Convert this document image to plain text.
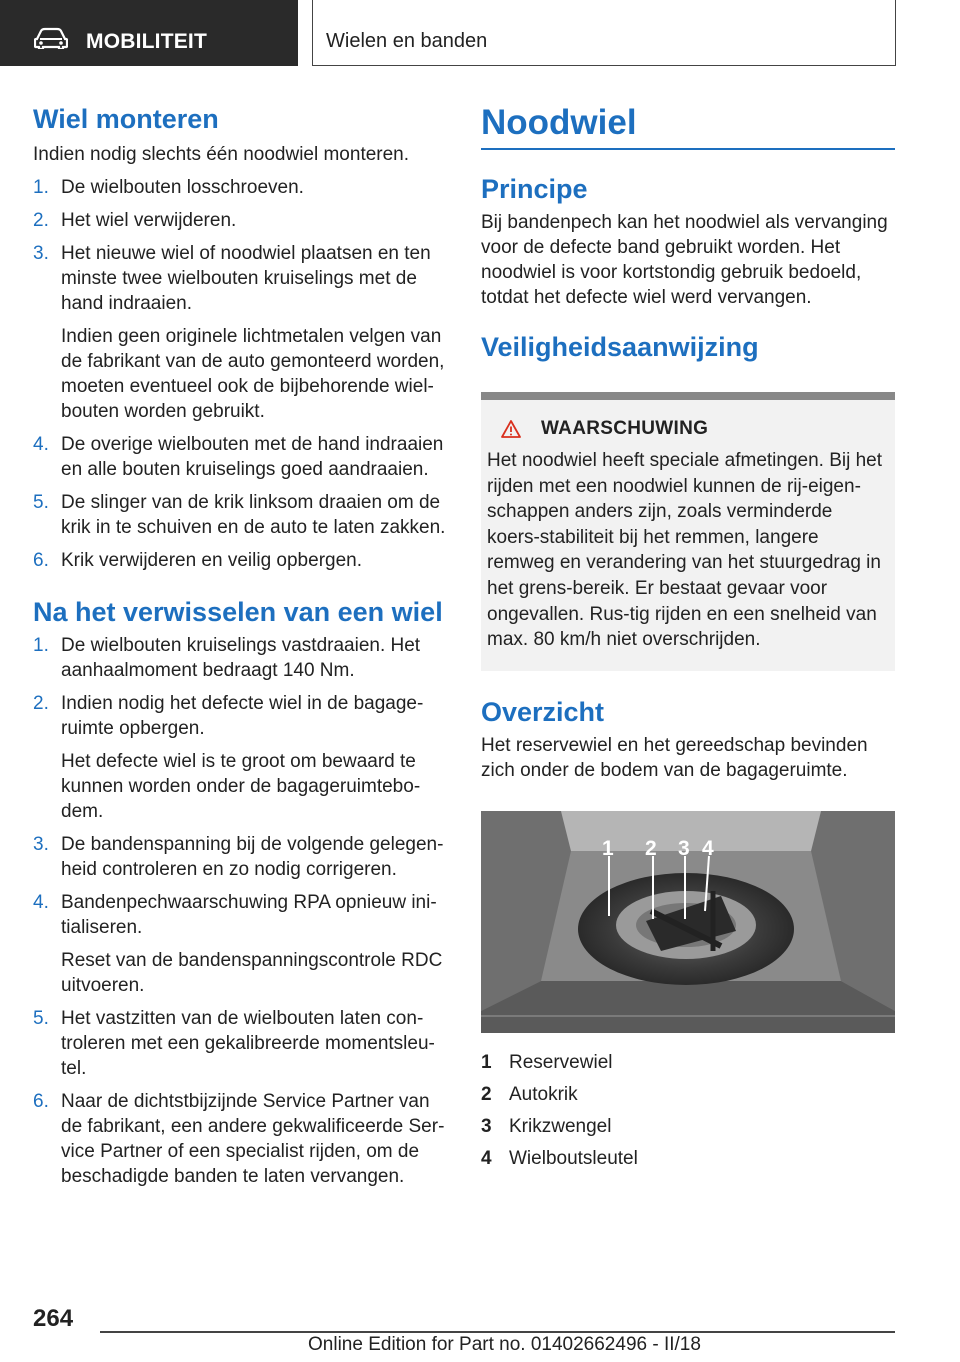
MOBILITEIT	Wielen en banden
Wiel monteren
Indien nodig slechts één noodwiel monteren.
1. De wielbouten losschroeven.
2. Het wiel verwijderen.
3. Het nieuwe wiel of noodwiel plaatsen en ten minste twee wielbouten kruiselings met de hand indraaien.
Indien geen originele lichtmetalen velgen van de fabrikant van de auto gemonteerd worden, moeten eventueel ook de bijbehorende wiel-bouten worden gebruikt.
4. De overige wielbouten met de hand indraaien en alle bouten kruiselings goed aandraaien.
5. De slinger van de krik linksom draaien om de krik in te schuiven en de auto te laten zakken.
6. Krik verwijderen en veilig opbergen.
Na het verwisselen van een wiel
1. De wielbouten kruiselings vastdraaien. Het aanhaalmoment bedraagt 140 Nm.
2. Indien nodig het defecte wiel in de bagage-ruimte opbergen.
Het defecte wiel is te groot om bewaard te kunnen worden onder de bagageruimtebo-dem.
3. De bandenspanning bij de volgende gelegen-heid controleren en zo nodig corrigeren.
4. Bandenpechwaarschuwing RPA opnieuw ini-tialiseren.
Reset van de bandenspanningscontrole RDC uitvoeren.
5. Het vastzitten van de wielbouten laten con-troleren met een gekalibreerde momentsleu-tel.
6. Naar de dichtstbijzijnde Service Partner van de fabrikant, een andere gekwalificeerde Ser-vice Partner of een specialist rijden, om de beschadigde banden te laten vervangen.
Noodwiel
Principe
Bij bandenpech kan het noodwiel als vervanging voor de defecte band gebruikt worden. Het noodwiel is voor kortstondig gebruik bedoeld, totdat het defecte wiel werd vervangen.
Veiligheidsaanwijzing
WAARSCHUWING
Het noodwiel heeft speciale afmetingen. Bij het rijden met een noodwiel kunnen de rij-eigen-schappen anders zijn, zoals verminderde koers-stabiliteit bij het remmen, langere remweg en verandering van het stuurgedrag in het grens-bereik. Er bestaat gevaar voor ongevallen. Rus-tig rijden en een snelheid van max. 80 km/h niet overschrijden.
Overzicht
Het reservewiel en het gereedschap bevinden zich onder de bodem van de bagageruimte.
1 2 3 4
1 Reservewiel
2 Autokrik
3 Krikzwengel
4 Wielboutsleutel
264
Online Edition for Part no. 01402662496 - II/18
